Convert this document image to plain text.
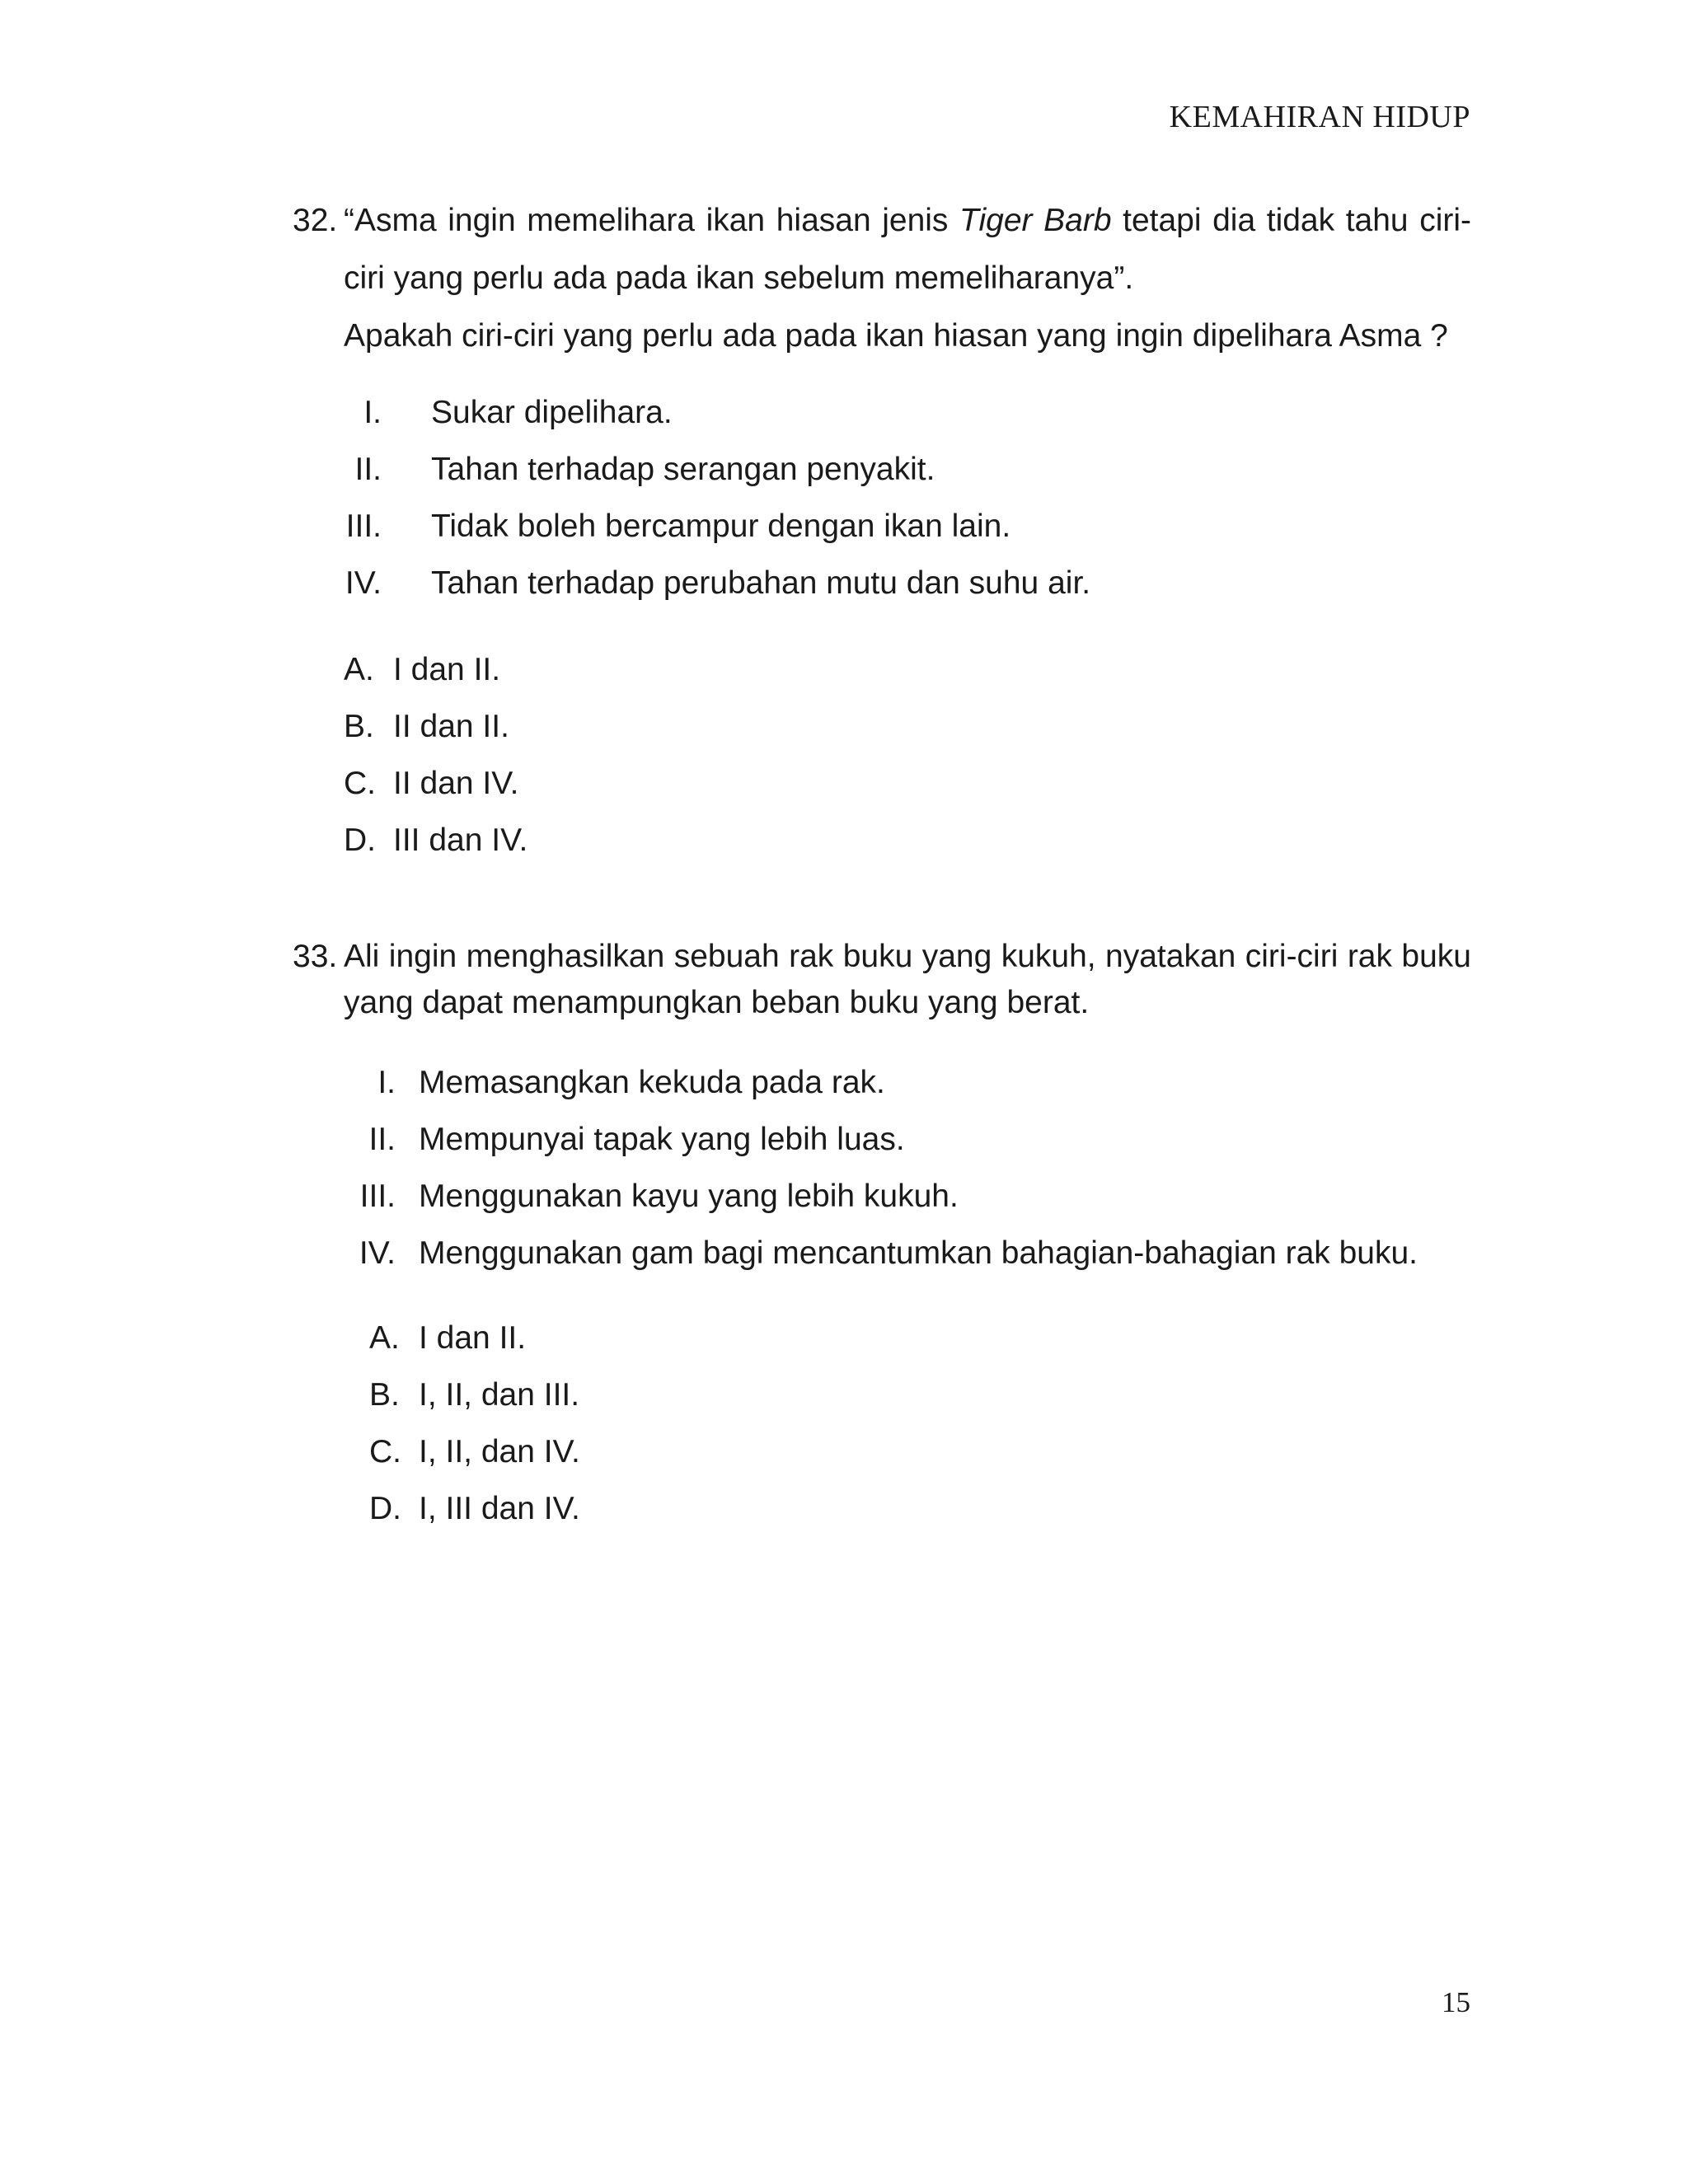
KEMAHIRAN HIDUP
32. “Asma ingin memelihara ikan hiasan jenis Tiger Barb tetapi dia tidak tahu ciri-ciri yang perlu ada pada ikan sebelum memeliharanya”.

Apakah ciri-ciri yang perlu ada pada ikan hiasan yang ingin dipelihara Asma ?

I. Sukar dipelihara.
II. Tahan terhadap serangan penyakit.
III. Tidak boleh bercampur dengan ikan lain.
IV. Tahan terhadap perubahan mutu dan suhu air.
A. I dan II.
B. II dan II.
C. II dan IV.
D. III dan IV.
33. Ali ingin menghasilkan sebuah rak buku yang kukuh, nyatakan ciri-ciri rak buku yang dapat menampungkan beban buku yang berat.

I. Memasangkan kekuda pada rak.
II. Mempunyai tapak yang lebih luas.
III. Menggunakan kayu yang lebih kukuh.
IV. Menggunakan gam bagi mencantumkan bahagian-bahagian rak buku.
A. I dan II.
B. I, II, dan III.
C. I, II, dan IV.
D. I, III dan IV.
15
